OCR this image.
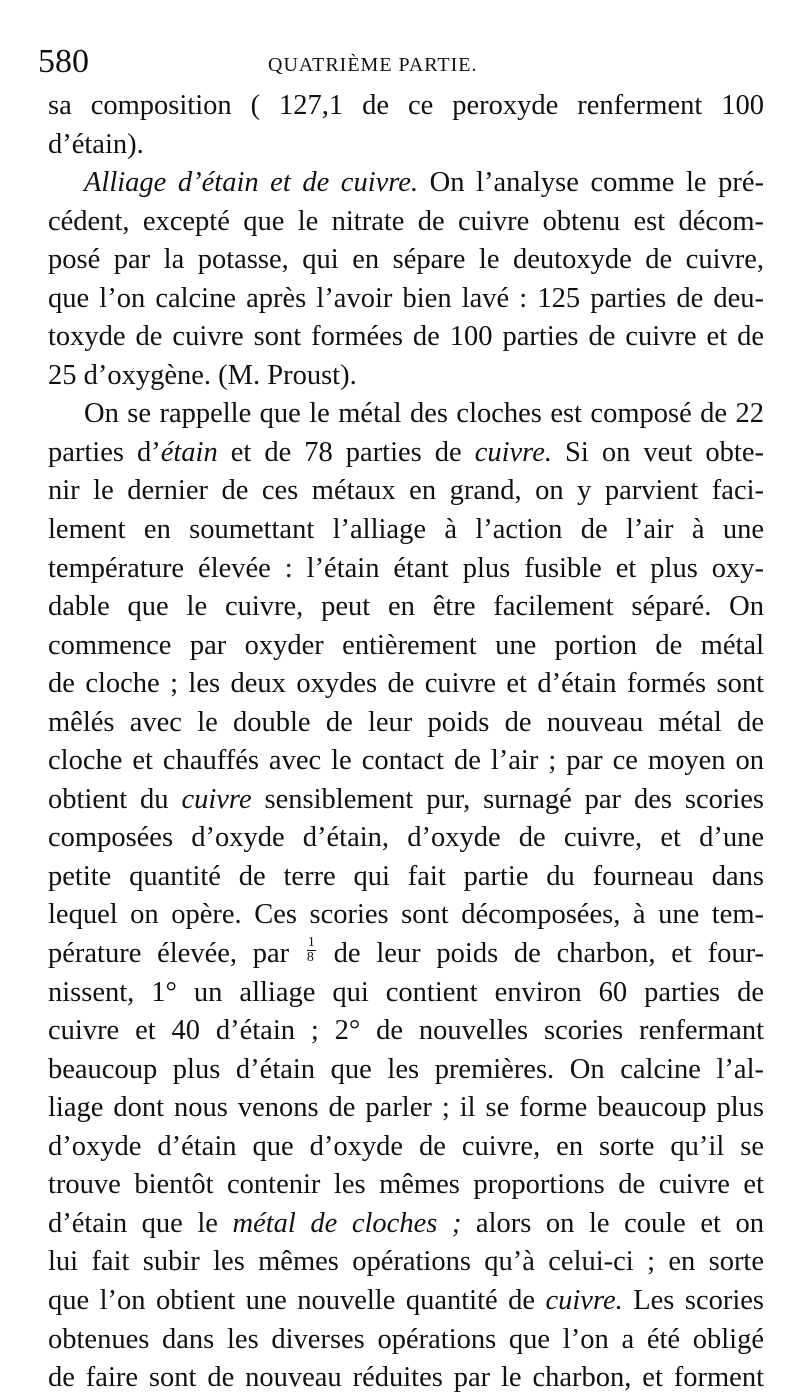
580	QUATRIÈME PARTIE.
sa composition ( 127,1 de ce peroxyde renferment 100
d’étain).
Alliage d’étain et de cuivre. On l’analyse comme le pré-
cédent, excepté que le nitrate de cuivre obtenu est décom-
posé par la potasse, qui en sépare le deutoxyde de cuivre,
que l’on calcine après l’avoir bien lavé : 125 parties de deu-
toxyde de cuivre sont formées de 100 parties de cuivre et de
25 d’oxygène. (M. Proust).
On se rappelle que le métal des cloches est composé de 22
parties d’étain et de 78 parties de cuivre. Si on veut obte-
nir le dernier de ces métaux en grand, on y parvient faci-
lement en soumettant l’alliage à l’action de l’air à une
température élevée : l’étain étant plus fusible et plus oxy-
dable que le cuivre, peut en être facilement séparé. On
commence par oxyder entièrement une portion de métal
de cloche ; les deux oxydes de cuivre et d’étain formés sont
mêlés avec le double de leur poids de nouveau métal de
cloche et chauffés avec le contact de l’air ; par ce moyen on
obtient du cuivre sensiblement pur, surnagé par des scories
composées d’oxyde d’étain, d’oxyde de cuivre, et d’une
petite quantité de terre qui fait partie du fourneau dans
lequel on opère. Ces scories sont décomposées, à une tem-
pérature élevée, par $\frac{1}{8}$ de leur poids de charbon, et four-
nissent, 1° un alliage qui contient environ 60 parties de
cuivre et 40 d’étain ; 2° de nouvelles scories renfermant
beaucoup plus d’étain que les premières. On calcine l’al-
liage dont nous venons de parler ; il se forme beaucoup plus
d’oxyde d’étain que d’oxyde de cuivre, en sorte qu’il se
trouve bientôt contenir les mêmes proportions de cuivre et
d’étain que le métal de cloches ; alors on le coule et on
lui fait subir les mêmes opérations qu’à celui-ci ; en sorte
que l’on obtient une nouvelle quantité de cuivre. Les scories
obtenues dans les diverses opérations que l’on a été obligé
de faire sont de nouveau réduites par le charbon, et forment
